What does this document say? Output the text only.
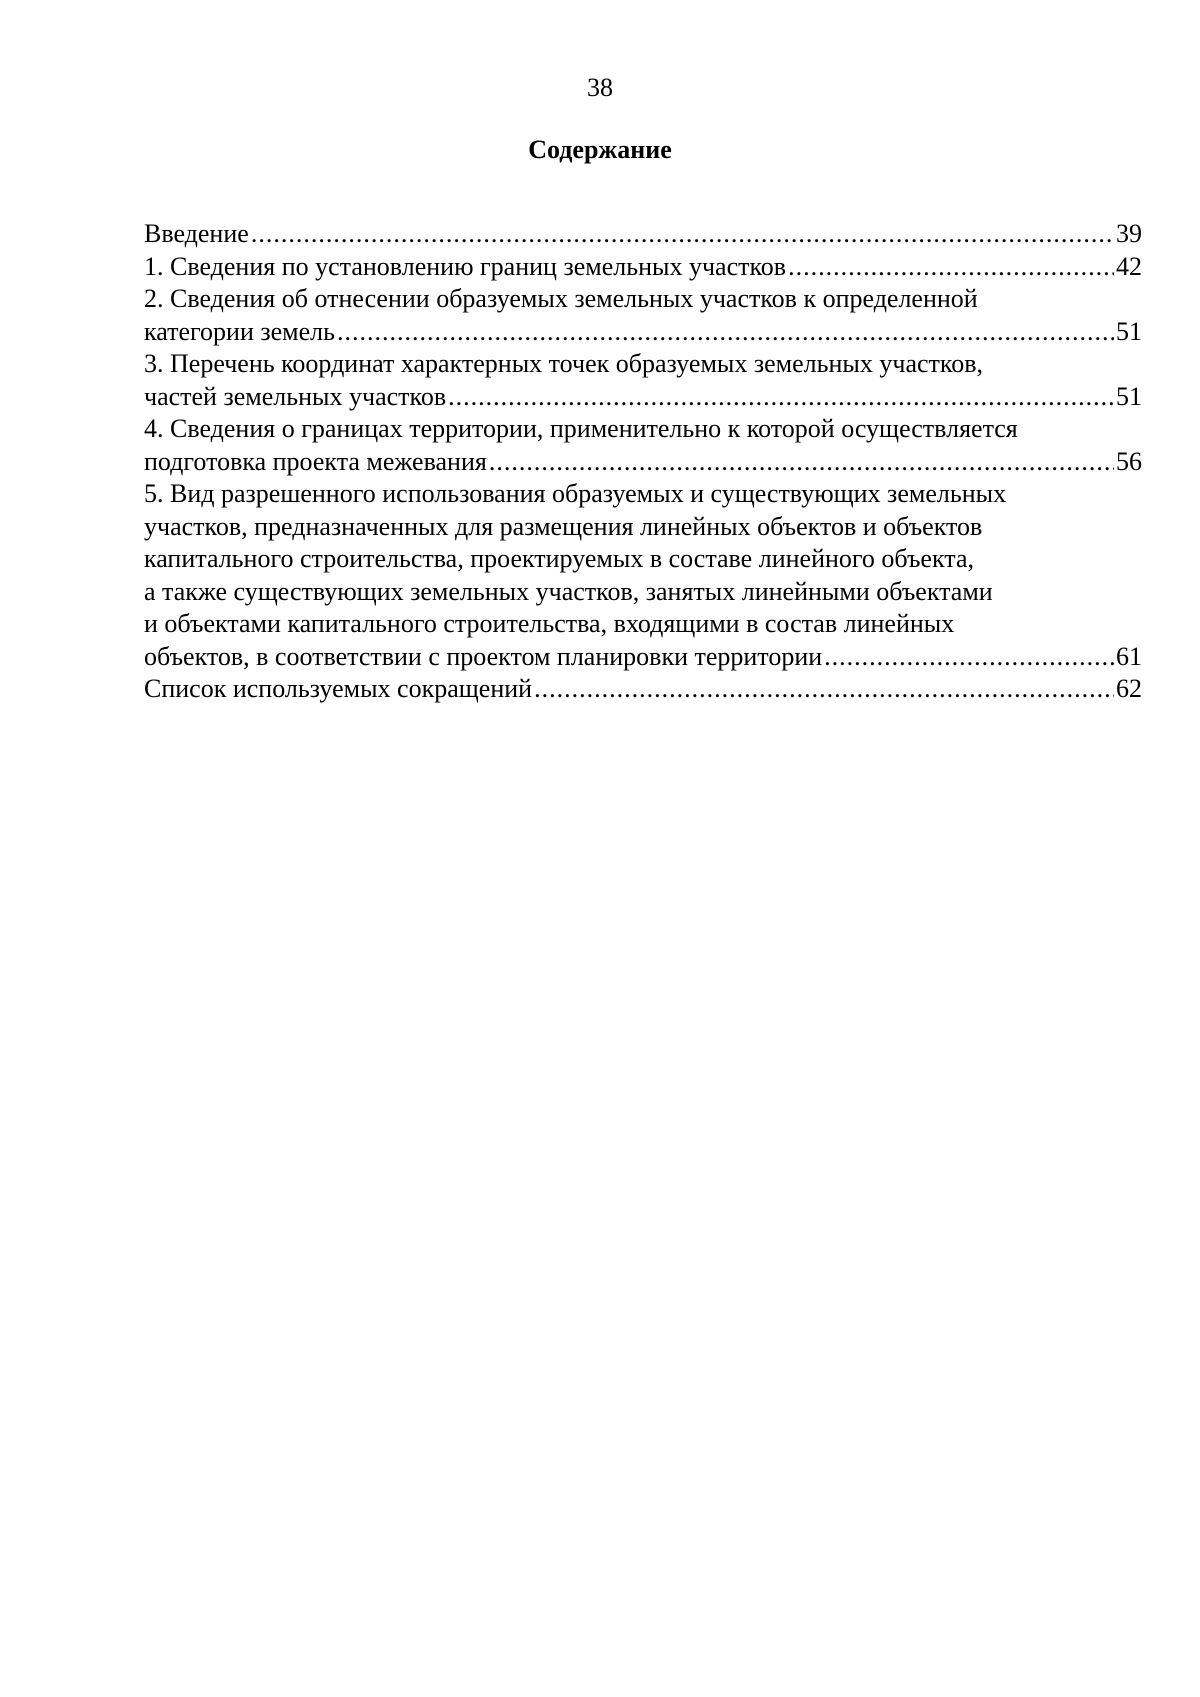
38
Содержание
Введение .....	39
1. Сведения по установлению границ земельных участков .....	42
2. Сведения об отнесении образуемых земельных участков к определенной
категории земель .....	51
3. Перечень координат характерных точек образуемых земельных участков,
частей земельных участков .....	51
4. Сведения о границах территории, применительно к которой осуществляется
подготовка проекта межевания .....	56
5. Вид разрешенного использования образуемых и существующих земельных
участков, предназначенных для размещения линейных объектов и объектов
капитального строительства, проектируемых в составе линейного объекта,
а также существующих земельных участков, занятых линейными объектами
и объектами капитального строительства, входящими в состав линейных
объектов, в соответствии с проектом планировки территории .....	61
Список используемых сокращений .....	62
